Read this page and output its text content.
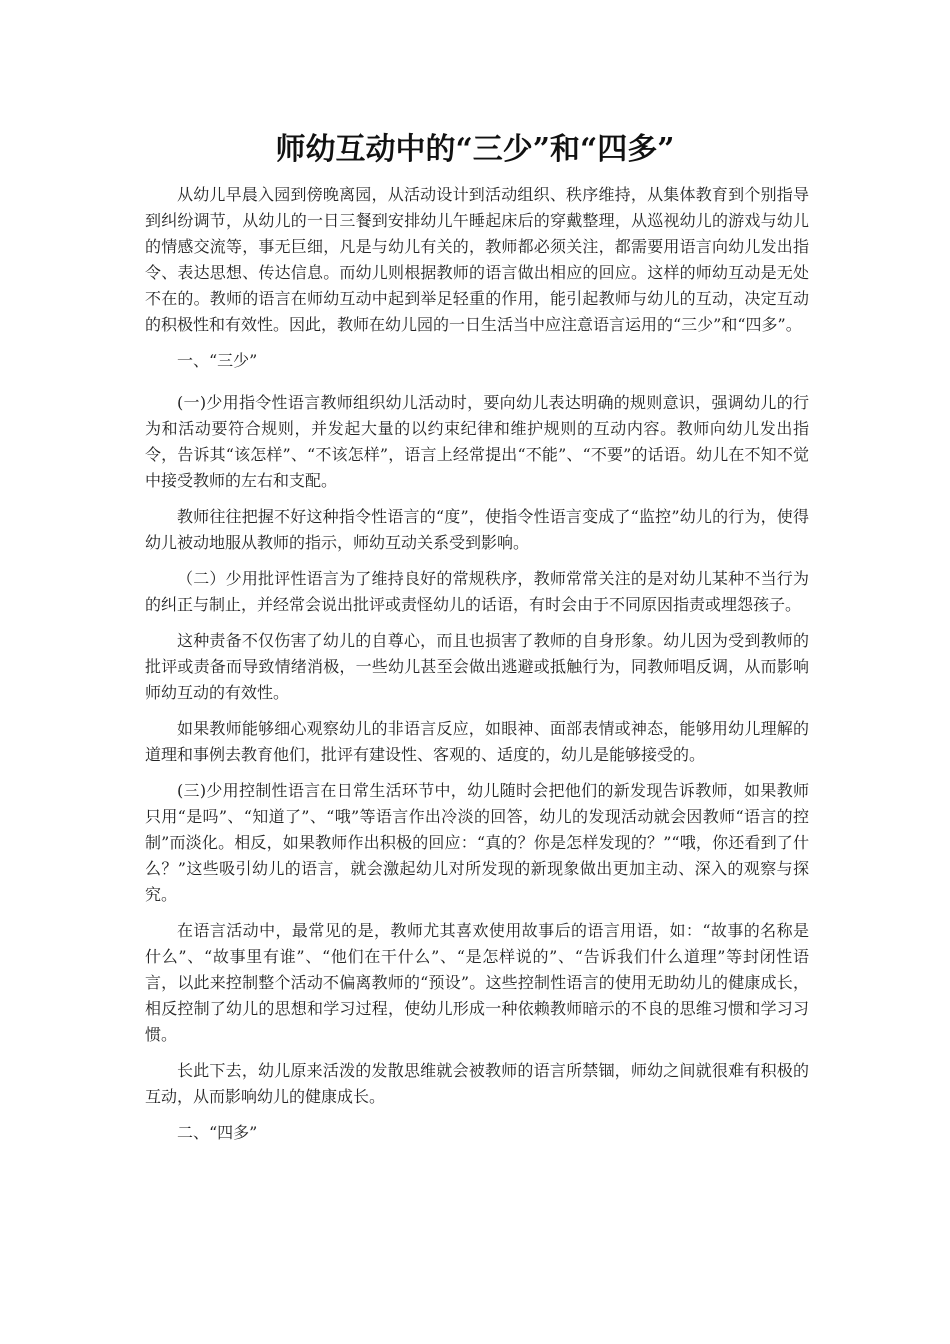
师幼互动中的“三少”和“四多”

从幼儿早晨入园到傍晚离园，从活动设计到活动组织、秩序维持，从集体教育到个别指导到纠纷调节，从幼儿的一日三餐到安排幼儿午睡起床后的穿戴整理，从巡视幼儿的游戏与幼儿的情感交流等，事无巨细，凡是与幼儿有关的，教师都必须关注，都需要用语言向幼儿发出指令、表达思想、传达信息。而幼儿则根据教师的语言做出相应的回应。这样的师幼互动是无处不在的。教师的语言在师幼互动中起到举足轻重的作用，能引起教师与幼儿的互动，决定互动的积极性和有效性。因此，教师在幼儿园的一日生活当中应注意语言运用的“三少”和“四多”。

一、“三少”

(一)少用指令性语言教师组织幼儿活动时，要向幼儿表达明确的规则意识，强调幼儿的行为和活动要符合规则，并发起大量的以约束纪律和维护规则的互动内容。教师向幼儿发出指令，告诉其“该怎样”、“不该怎样”，语言上经常提出“不能”、“不要”的话语。幼儿在不知不觉中接受教师的左右和支配。

教师往往把握不好这种指令性语言的“度”，使指令性语言变成了“监控”幼儿的行为，使得幼儿被动地服从教师的指示，师幼互动关系受到影响。

（二）少用批评性语言为了维持良好的常规秩序，教师常常关注的是对幼儿某种不当行为的纠正与制止，并经常会说出批评或责怪幼儿的话语，有时会由于不同原因指责或埋怨孩子。

这种责备不仅伤害了幼儿的自尊心，而且也损害了教师的自身形象。幼儿因为受到教师的批评或责备而导致情绪消极，一些幼儿甚至会做出逃避或抵触行为，同教师唱反调，从而影响师幼互动的有效性。

如果教师能够细心观察幼儿的非语言反应，如眼神、面部表情或神态，能够用幼儿理解的道理和事例去教育他们，批评有建设性、客观的、适度的，幼儿是能够接受的。

(三)少用控制性语言在日常生活环节中，幼儿随时会把他们的新发现告诉教师，如果教师只用“是吗”、“知道了”、“哦”等语言作出冷淡的回答，幼儿的发现活动就会因教师“语言的控制”而淡化。相反，如果教师作出积极的回应：“真的？你是怎样发现的？”“哦，你还看到了什么？”这些吸引幼儿的语言，就会激起幼儿对所发现的新现象做出更加主动、深入的观察与探究。

在语言活动中，最常见的是，教师尤其喜欢使用故事后的语言用语，如：“故事的名称是什么”、“故事里有谁”、“他们在干什么”、“是怎样说的”、“告诉我们什么道理”等封闭性语言，以此来控制整个活动不偏离教师的“预设”。这些控制性语言的使用无助幼儿的健康成长，相反控制了幼儿的思想和学习过程，使幼儿形成一种依赖教师暗示的不良的思维习惯和学习习惯。

长此下去，幼儿原来活泼的发散思维就会被教师的语言所禁锢，师幼之间就很难有积极的互动，从而影响幼儿的健康成长。

二、“四多”
